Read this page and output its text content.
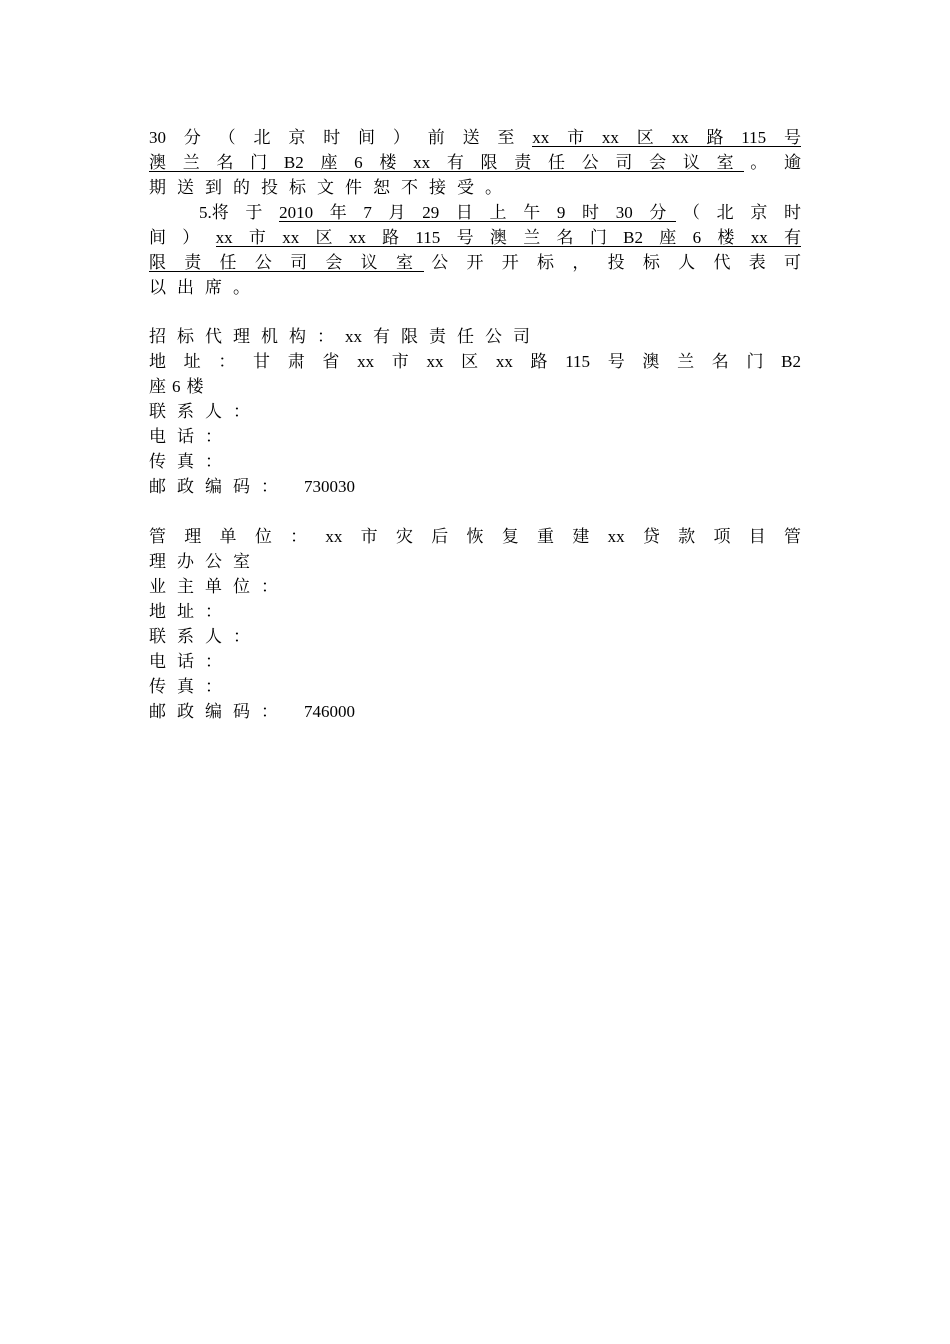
30 分 （ 北 京 时 间 ） 前 送 至 xx 市 xx 区 xx 路 115 号
澳 兰 名 门 B2 座 6 楼 xx 有 限 责 任 公 司 会 议 室 。 逾
期 送 到 的 投 标 文 件 恕 不 接 受 。
5.将 于 2010 年 7 月 29 日 上 午 9 时 30 分 （ 北 京 时
间 ） xx 市 xx 区 xx 路 115 号 澳 兰 名 门 B2 座 6 楼 xx 有
限 责 任 公 司 会 议 室 公 开 开 标 ， 投 标 人 代 表 可
以 出 席 。
招 标 代 理 机 构 ： xx 有 限 责 任 公 司
地 址 ： 甘 肃 省 xx 市 xx 区 xx 路 115 号 澳 兰 名 门 B2
座 6 楼
联 系 人 ：
电 话 ：
传 真 ：
邮 政 编 码 ： 730030
管 理 单 位 ： xx 市 灾 后 恢 复 重 建 xx 贷 款 项 目 管
理 办 公 室
业 主 单 位 ：
地 址 ：
联 系 人 ：
电 话 ：
传 真 ：
邮 政 编 码 ： 746000
